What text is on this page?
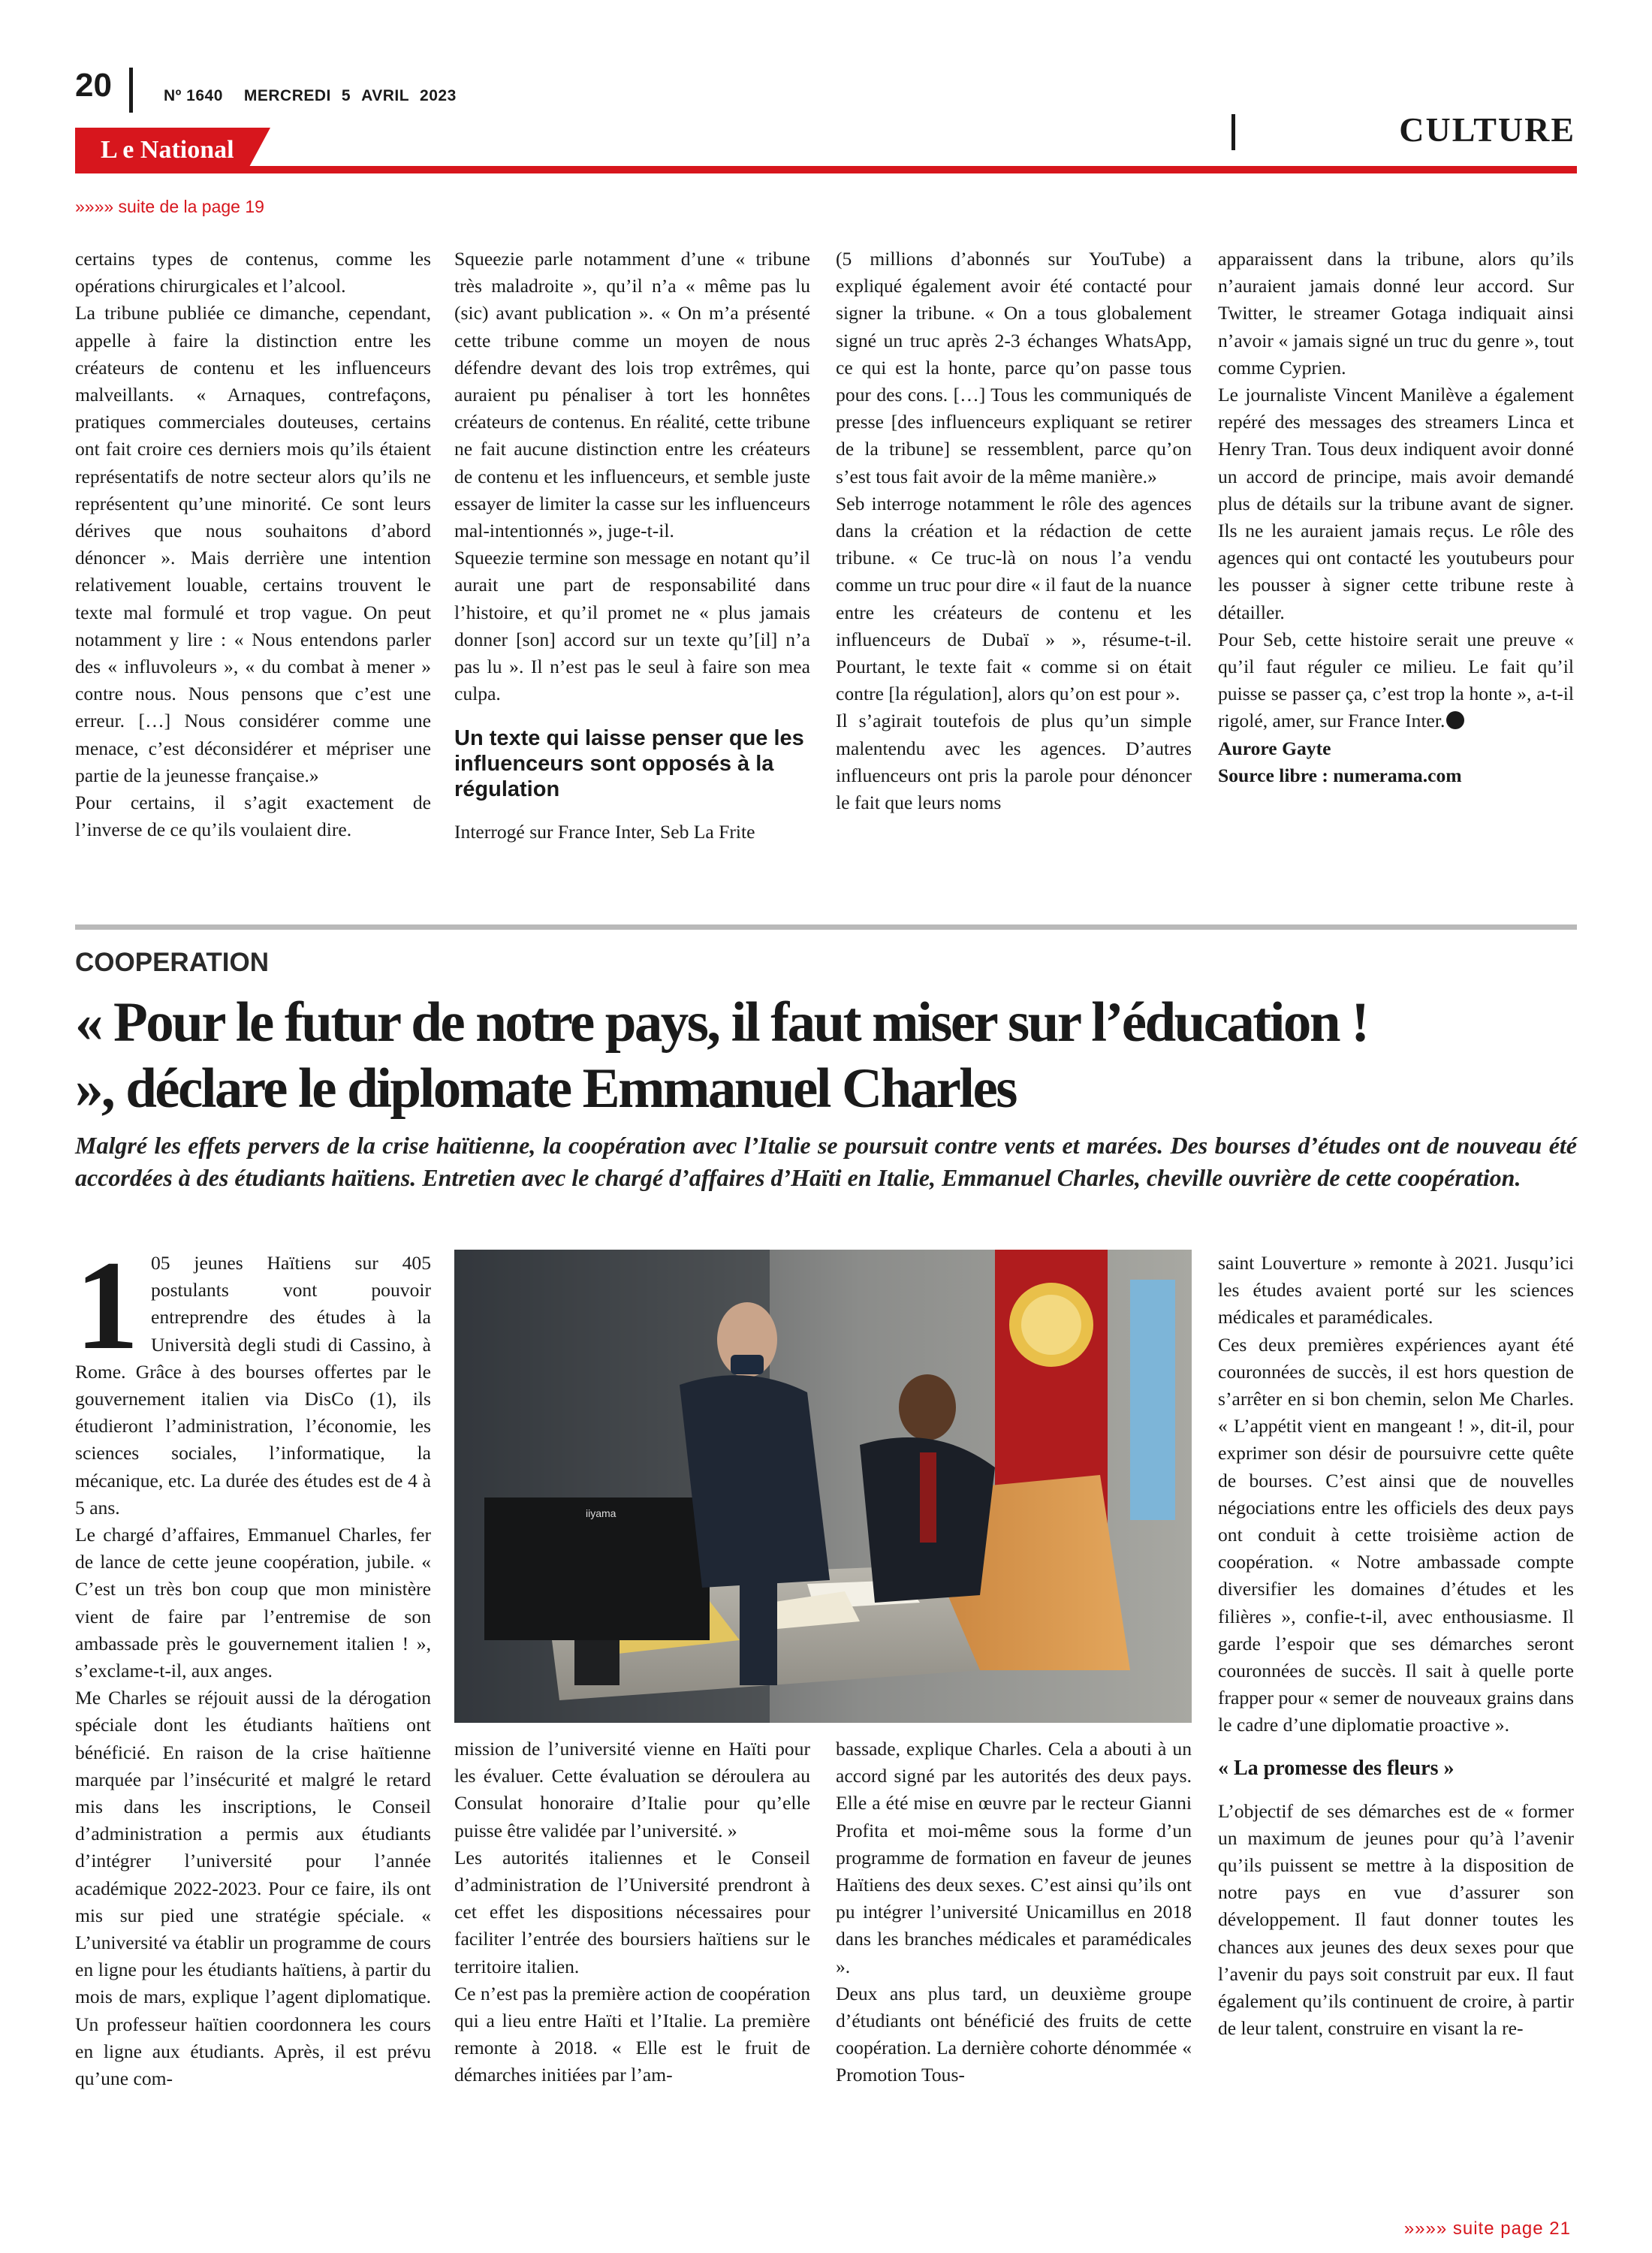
20	Nº 1640 MERCREDI 5 AVRIL 2023
L e National
CULTURE
»»»» suite de la page 19

certains types de contenus, comme les opérations chirurgicales et l’alcool.

La tribune publiée ce dimanche, cependant, appelle à faire la distinction entre les créateurs de contenu et les influenceurs malveillants. « Arnaques, contrefaçons, pratiques commerciales douteuses, certains ont fait croire ces derniers mois qu’ils étaient représentatifs de notre secteur alors qu’ils ne représentent qu’une minorité. Ce sont leurs dérives que nous souhaitons d’abord dénoncer ». Mais derrière une intention relativement louable, certains trouvent le texte mal formulé et trop vague. On peut notamment y lire : « Nous entendons parler des « influvoleurs », « du combat à mener » contre nous. Nous pensons que c’est une erreur. […] Nous considérer comme une menace, c’est déconsidérer et mépriser une partie de la jeunesse française.»

Pour certains, il s’agit exactement de l’inverse de ce qu’ils voulaient dire.

Squeezie parle notamment d’une « tribune très maladroite », qu’il n’a « même pas lu (sic) avant publication ». « On m’a présenté cette tribune comme un moyen de nous défendre devant des lois trop extrêmes, qui auraient pu pénaliser à tort les honnêtes créateurs de contenus. En réalité, cette tribune ne fait aucune distinction entre les créateurs de contenu et les influenceurs, et semble juste essayer de limiter la casse sur les influenceurs mal-intentionnés », juge-t-il.

Squeezie termine son message en notant qu’il aurait une part de responsabilité dans l’histoire, et qu’il promet ne « plus jamais donner [son] accord sur un texte qu’[il] n’a pas lu ». Il n’est pas le seul à faire son mea culpa.

Un texte qui laisse penser que les influenceurs sont opposés à la régulation

Interrogé sur France Inter, Seb La Frite

(5 millions d’abonnés sur YouTube) a expliqué également avoir été contacté pour signer la tribune. « On a tous globalement signé un truc après 2-3 échanges WhatsApp, ce qui est la honte, parce qu’on passe tous pour des cons. […] Tous les communiqués de presse [des influenceurs expliquant se retirer de la tribune] se ressemblent, parce qu’on s’est tous fait avoir de la même manière.»

Seb interroge notamment le rôle des agences dans la création et la rédaction de cette tribune. « Ce truc-là on nous l’a vendu comme un truc pour dire « il faut de la nuance entre les créateurs de contenu et les influenceurs de Dubaï » », résume-t-il. Pourtant, le texte fait « comme si on était contre [la régulation], alors qu’on est pour ».

Il s’agirait toutefois de plus qu’un simple malentendu avec les agences. D’autres influenceurs ont pris la parole pour dénoncer le fait que leurs noms

apparaissent dans la tribune, alors qu’ils n’auraient jamais donné leur accord. Sur Twitter, le streamer Gotaga indiquait ainsi n’avoir « jamais signé un truc du genre », tout comme Cyprien.

Le journaliste Vincent Manilève a également repéré des messages des streamers Linca et Henry Tran. Tous deux indiquent avoir donné un accord de principe, mais avoir demandé plus de détails sur la tribune avant de signer. Ils ne les auraient jamais reçus. Le rôle des agences qui ont contacté les youtubeurs pour les pousser à signer cette tribune reste à détailler.

Pour Seb, cette histoire serait une preuve « qu’il faut réguler ce milieu. Le fait qu’il puisse se passer ça, c’est trop la honte », a-t-il rigolé, amer, sur France Inter.

Aurore Gayte

Source libre : numerama.com

COOPERATION
« Pour le futur de notre pays, il faut miser sur l’éducation !
», déclare le diplomate Emmanuel Charles
Malgré les effets pervers de la crise haïtienne, la coopération avec l’Italie se poursuit contre vents et marées. Des bourses d’études ont de nouveau été accordées à des étudiants haïtiens. Entretien avec le chargé d’affaires d’Haïti en Italie, Emmanuel Charles, cheville ouvrière de cette coopération.

1 05 jeunes Haïtiens sur 405 postulants vont pouvoir entreprendre des études à la Università degli studi di Cassino, à Rome. Grâce à des bourses offertes par le gouvernement italien via DisCo (1), ils étudieront l’administration, l’économie, les sciences sociales, l’informatique, la mécanique, etc. La durée des études est de 4 à 5 ans.

Le chargé d’affaires, Emmanuel Charles, fer de lance de cette jeune coopération, jubile. « C’est un très bon coup que mon ministère vient de faire par l’entremise de son ambassade près le gouvernement italien ! », s’exclame-t-il, aux anges.

Me Charles se réjouit aussi de la dérogation spéciale dont les étudiants haïtiens ont bénéficié. En raison de la crise haïtienne marquée par l’insécurité et malgré le retard mis dans les inscriptions, le Conseil d’administration a permis aux étudiants d’intégrer l’université pour l’année académique 2022-2023. Pour ce faire, ils ont mis sur pied une stratégie spéciale. « L’université va établir un programme de cours en ligne pour les étudiants haïtiens, à partir du mois de mars, explique l’agent diplomatique. Un professeur haïtien coordonnera les cours en ligne aux étudiants. Après, il est prévu qu’une com-

iiyama

mission de l’université vienne en Haïti pour les évaluer. Cette évaluation se déroulera au Consulat honoraire d’Italie pour qu’elle puisse être validée par l’université. »

Les autorités italiennes et le Conseil d’administration de l’Université prendront à cet effet les dispositions nécessaires pour faciliter l’entrée des boursiers haïtiens sur le territoire italien.

Ce n’est pas la première action de coopération qui a lieu entre Haïti et l’Italie. La première remonte à 2018. « Elle est le fruit de démarches initiées par l’am-

bassade, explique Charles. Cela a abouti à un accord signé par les autorités des deux pays. Elle a été mise en œuvre par le recteur Gianni Profita et moi-même sous la forme d’un programme de formation en faveur de jeunes Haïtiens des deux sexes. C’est ainsi qu’ils ont pu intégrer l’université Unicamillus en 2018 dans les branches médicales et paramédicales ».

Deux ans plus tard, un deuxième groupe d’étudiants ont bénéficié des fruits de cette coopération. La dernière cohorte dénommée « Promotion Tous-

saint Louverture » remonte à 2021. Jusqu’ici les études avaient porté sur les sciences médicales et paramédicales.

Ces deux premières expériences ayant été couronnées de succès, il est hors question de s’arrêter en si bon chemin, selon Me Charles. « L’appétit vient en mangeant ! », dit-il, pour exprimer son désir de poursuivre cette quête de bourses. C’est ainsi que de nouvelles négociations entre les officiels des deux pays ont conduit à cette troisième action de coopération. « Notre ambassade compte diversifier les domaines d’études et les filières », confie-t-il, avec enthousiasme. Il garde l’espoir que ses démarches seront couronnées de succès. Il sait à quelle porte frapper pour « semer de nouveaux grains dans le cadre d’une diplomatie proactive ».

« La promesse des fleurs »

L’objectif de ses démarches est de « former un maximum de jeunes pour qu’à l’avenir qu’ils puissent se mettre à la disposition de notre pays en vue d’assurer son développement. Il faut donner toutes les chances aux jeunes des deux sexes pour que l’avenir du pays soit construit par eux. Il faut également qu’ils continuent de croire, à partir de leur talent, construire en visant la re-

»»»» suite page 21
